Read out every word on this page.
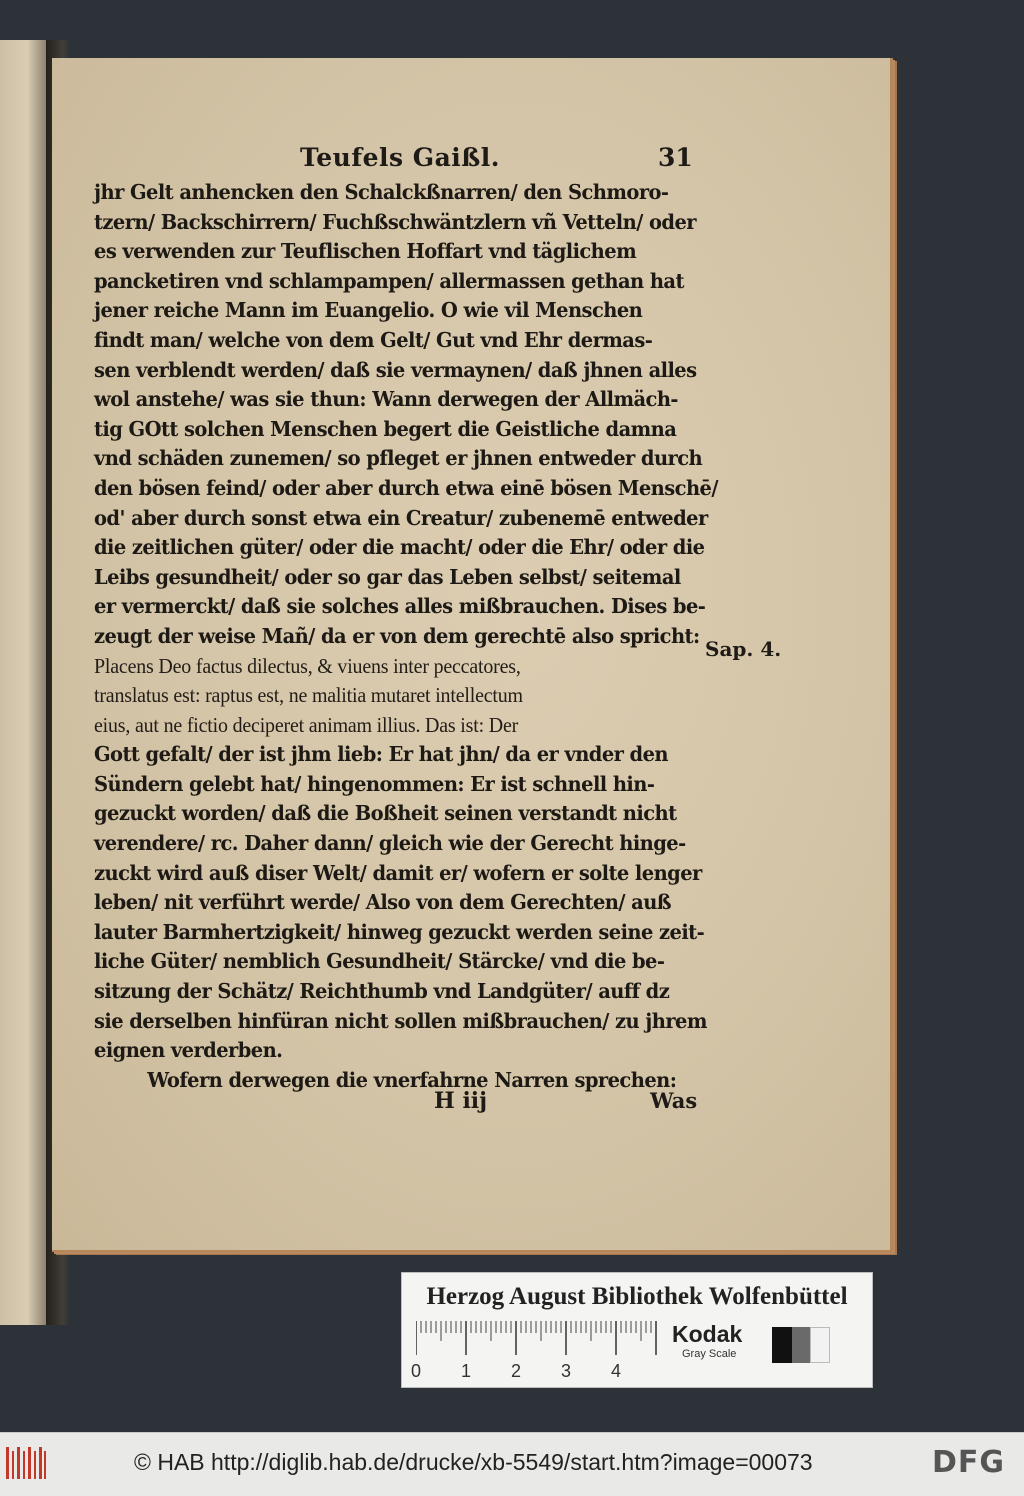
Teufels Gaißl.	31
jhr Gelt anhencken den Schalckßnarren/ den Schmoro-
tzern/ Backschirrern/ Fuchßschwäntzlern vñ Vetteln/ oder
es verwenden zur Teuflischen Hoffart vnd täglichem
pancketiren vnd schlampampen/ allermassen gethan hat
jener reiche Mann im Euangelio. O wie vil Menschen
findt man/ welche von dem Gelt/ Gut vnd Ehr dermas-
sen verblendt werden/ daß sie vermaynen/ daß jhnen alles
wol anstehe/ was sie thun: Wann derwegen der Allmäch-
tig GOtt solchen Menschen begert die Geistliche damna
vnd schäden zunemen/ so pfleget er jhnen entweder durch
den bösen feind/ oder aber durch etwa einē bösen Menschē/
od' aber durch sonst etwa ein Creatur/ zubenemē entweder
die zeitlichen güter/ oder die macht/ oder die Ehr/ oder die
Leibs gesundheit/ oder so gar das Leben selbst/ seitemal
er vermerckt/ daß sie solches alles mißbrauchen. Dises be-
zeugt der weise Mañ/ da er von dem gerechtē also spricht:
Placens Deo factus dilectus, & viuens inter peccatores,
translatus est: raptus est, ne malitia mutaret intellectum
eius, aut ne fictio deciperet animam illius. Das ist: Der
Gott gefalt/ der ist jhm lieb: Er hat jhn/ da er vnder den
Sündern gelebt hat/ hingenommen: Er ist schnell hin-
gezuckt worden/ daß die Boßheit seinen verstandt nicht
verendere/ rc. Daher dann/ gleich wie der Gerecht hinge-
zuckt wird auß diser Welt/ damit er/ wofern er solte lenger
leben/ nit verführt werde/ Also von dem Gerechten/ auß
lauter Barmhertzigkeit/ hinweg gezuckt werden seine zeit-
liche Güter/ nemblich Gesundheit/ Stärcke/ vnd die be-
sitzung der Schätz/ Reichthumb vnd Landgüter/ auff dz
sie derselben hinfüran nicht sollen mißbrauchen/ zu jhrem
eignen verderben.
Wofern derwegen die vnerfahrne Narren sprechen:
Sap. 4.
H iij	Was
Herzog August Bibliothek Wolfenbüttel
0 1 2 3 4
Kodak
Gray Scale
© HAB http://diglib.hab.de/drucke/xb-5549/start.htm?image=00073	DFG
